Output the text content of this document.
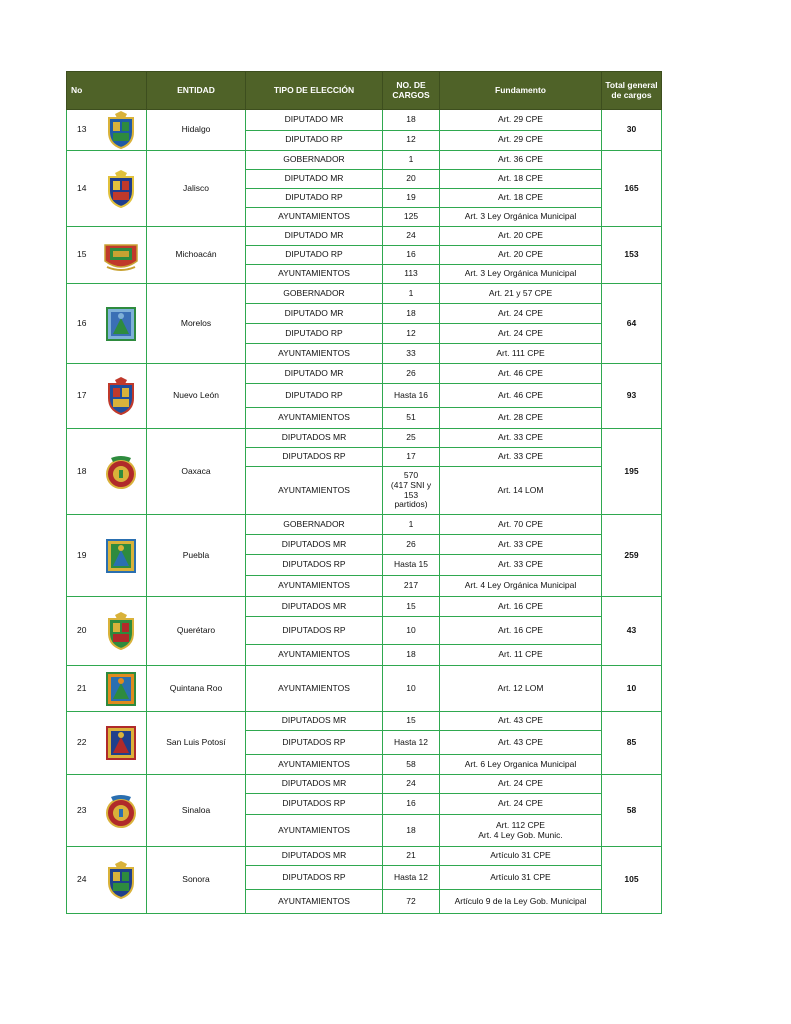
No	ENTIDAD	TIPO DE ELECCIÓN	NO. DE
CARGOS	Fundamento	Total general
de cargos
13	Hidalgo	DIPUTADO MR	18	Art. 29 CPE	30
		DIPUTADO RP	12	Art. 29 CPE	
14	Jalisco	GOBERNADOR	1	Art. 36 CPE	165
		DIPUTADO MR	20	Art. 18 CPE	
		DIPUTADO RP	19	Art. 18 CPE	
		AYUNTAMIENTOS	125	Art. 3 Ley Orgánica Municipal	
15	Michoacán	DIPUTADO MR	24	Art. 20 CPE	153
		DIPUTADO RP	16	Art. 20 CPE	
		AYUNTAMIENTOS	113	Art. 3 Ley Orgánica Municipal	
16	Morelos	GOBERNADOR	1	Art. 21 y 57 CPE	64
		DIPUTADO MR	18	Art. 24 CPE	
		DIPUTADO RP	12	Art. 24 CPE	
		AYUNTAMIENTOS	33	Art. 111 CPE	
17	Nuevo León	DIPUTADO MR	26	Art. 46 CPE	93
		DIPUTADO RP	Hasta 16	Art. 46 CPE	
		AYUNTAMIENTOS	51	Art. 28 CPE	
18	Oaxaca	DIPUTADOS MR	25	Art. 33 CPE	195
		DIPUTADOS RP	17	Art. 33 CPE	
		AYUNTAMIENTOS	570
(417 SNI y
153
partidos)	Art. 14 LOM	
19	Puebla	GOBERNADOR	1	Art. 70 CPE	259
		DIPUTADOS MR	26	Art. 33 CPE	
		DIPUTADOS RP	Hasta 15	Art. 33 CPE	
		AYUNTAMIENTOS	217	Art. 4 Ley Orgánica Municipal	
20	Querétaro	DIPUTADOS MR	15	Art. 16 CPE	43
		DIPUTADOS RP	10	Art. 16 CPE	
		AYUNTAMIENTOS	18	Art. 11 CPE	
21	Quintana Roo	AYUNTAMIENTOS	10	Art. 12 LOM	10
22	San Luis Potosí	DIPUTADOS MR	15	Art. 43 CPE	85
		DIPUTADOS RP	Hasta 12	Art. 43 CPE	
		AYUNTAMIENTOS	58	Art. 6 Ley Organica Municipal	
23	Sinaloa	DIPUTADOS MR	24	Art. 24 CPE	58
		DIPUTADOS RP	16	Art. 24 CPE	
		AYUNTAMIENTOS	18	Art. 112 CPE
Art. 4 Ley Gob. Munic.	
24	Sonora	DIPUTADOS MR	21	Artículo 31 CPE	105
		DIPUTADOS RP	Hasta 12	Artículo 31 CPE	
		AYUNTAMIENTOS	72	Artículo 9 de la Ley Gob. Municipal	
